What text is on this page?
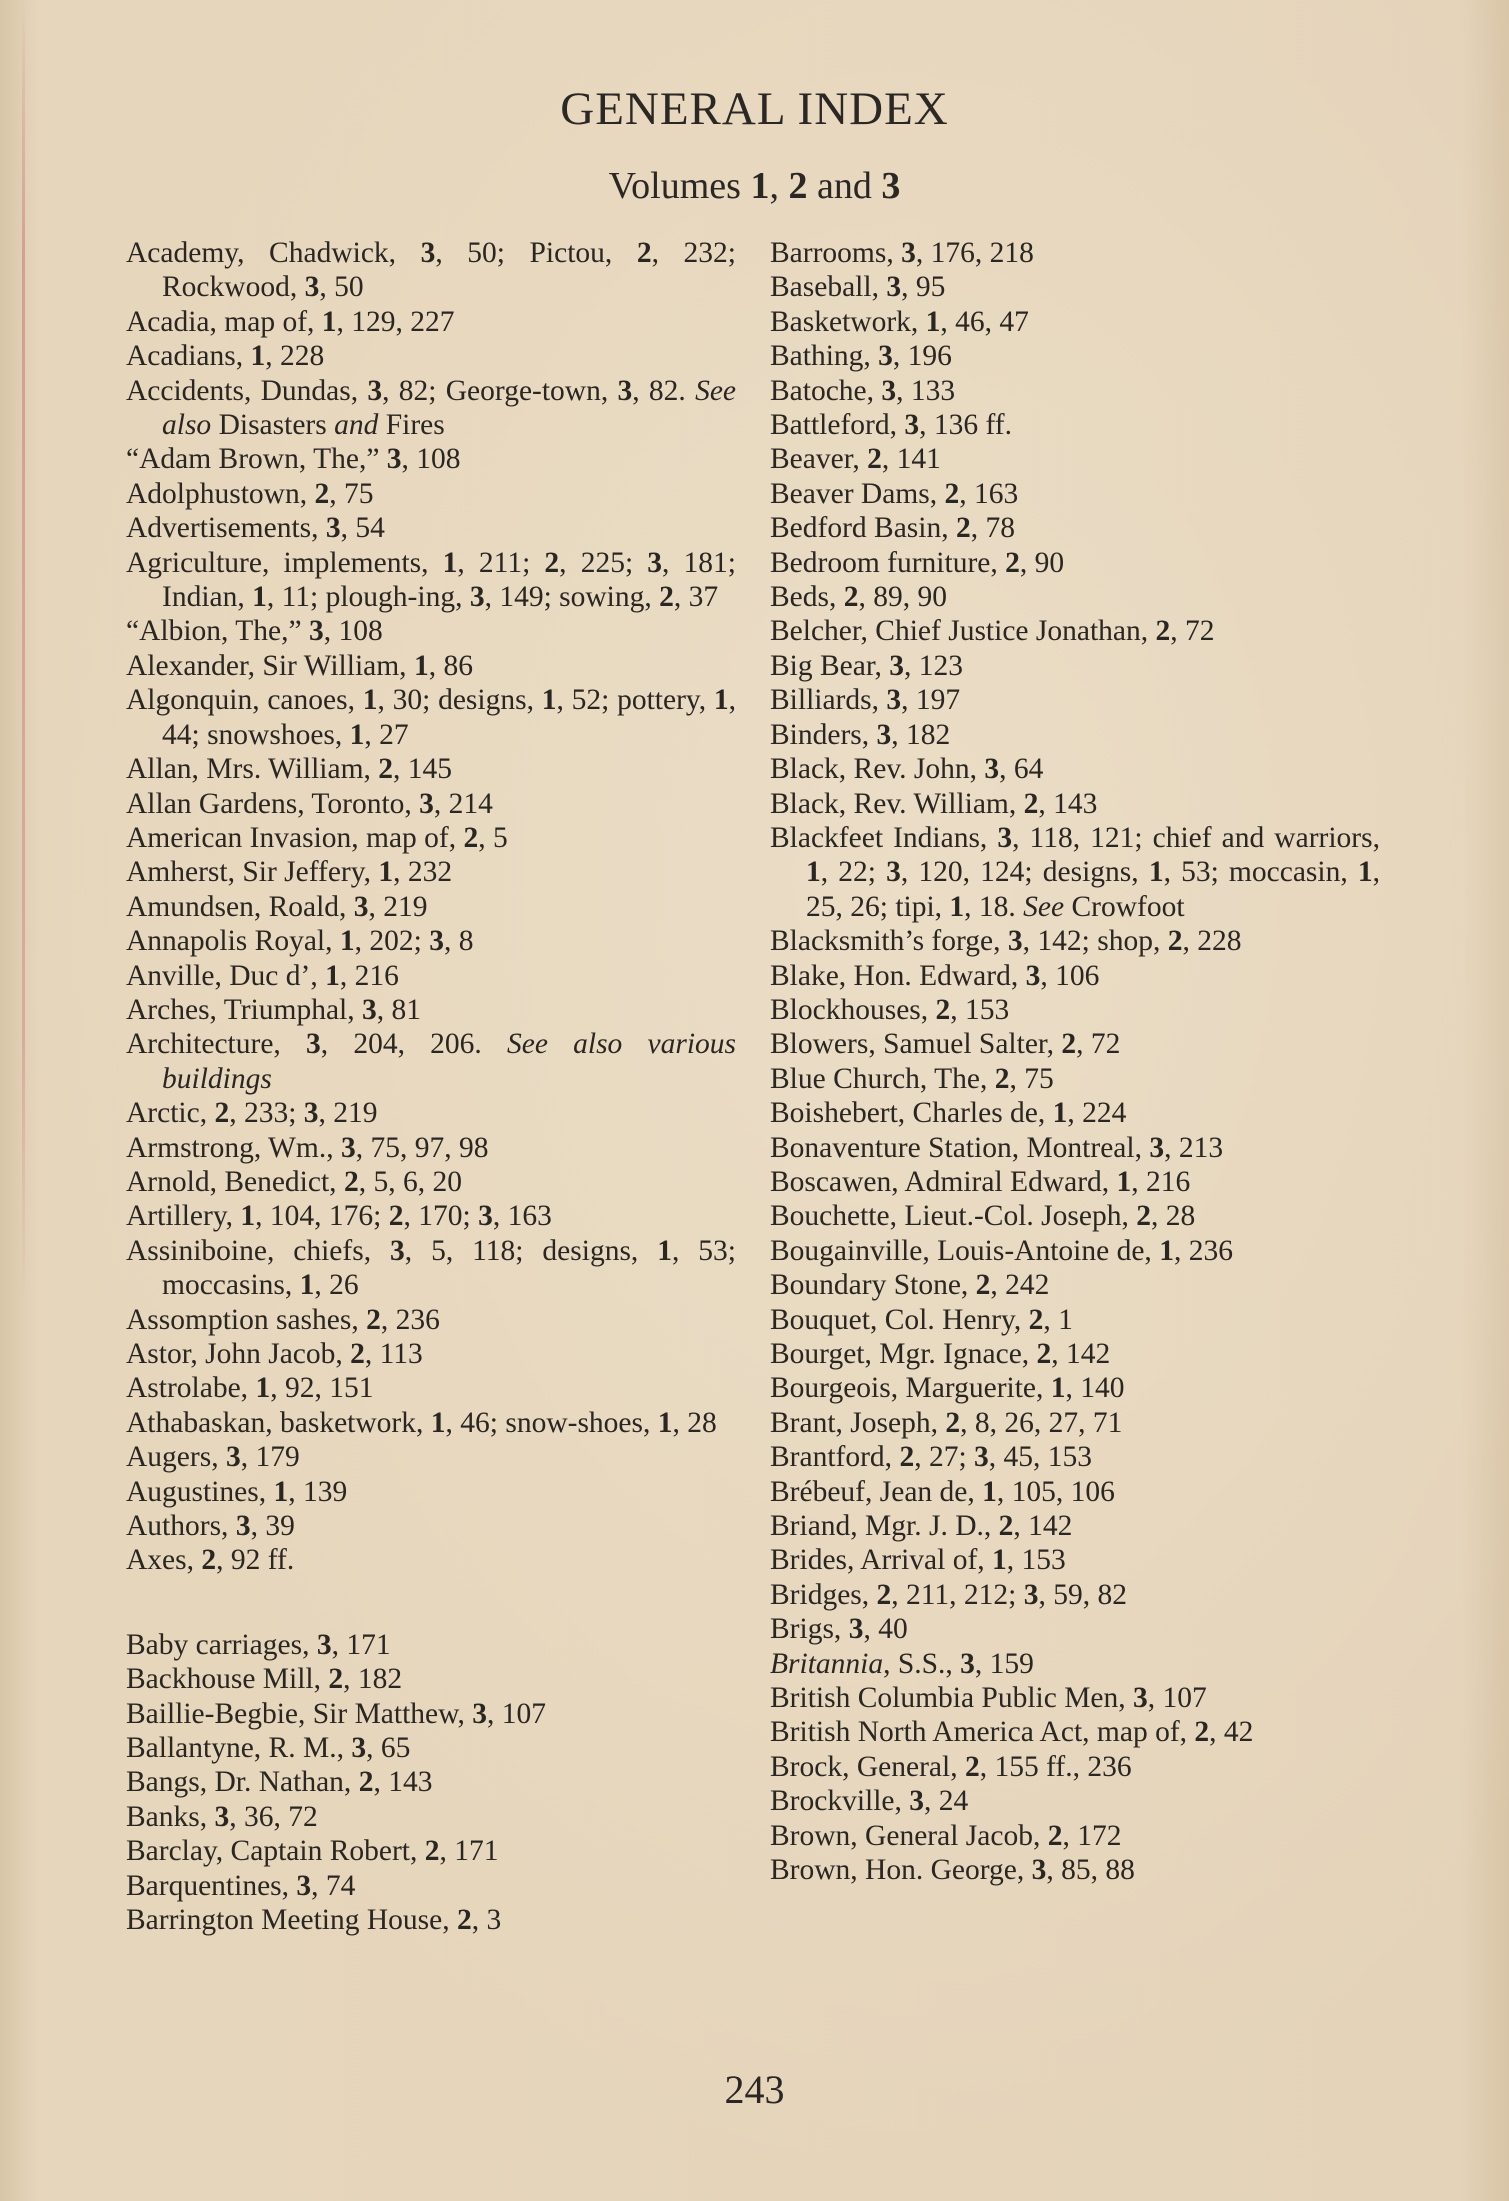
GENERAL INDEX
Volumes 1, 2 and 3
Academy, Chadwick, 3, 50; Pictou, 2, 232; Rockwood, 3, 50
Acadia, map of, 1, 129, 227
Acadians, 1, 228
Accidents, Dundas, 3, 82; George-town, 3, 82. See also Disasters and Fires
“Adam Brown, The,” 3, 108
Adolphustown, 2, 75
Advertisements, 3, 54
Agriculture, implements, 1, 211; 2, 225; 3, 181; Indian, 1, 11; plough-ing, 3, 149; sowing, 2, 37
“Albion, The,” 3, 108
Alexander, Sir William, 1, 86
Algonquin, canoes, 1, 30; designs, 1, 52; pottery, 1, 44; snowshoes, 1, 27
Allan, Mrs. William, 2, 145
Allan Gardens, Toronto, 3, 214
American Invasion, map of, 2, 5
Amherst, Sir Jeffery, 1, 232
Amundsen, Roald, 3, 219
Annapolis Royal, 1, 202; 3, 8
Anville, Duc d’, 1, 216
Arches, Triumphal, 3, 81
Architecture, 3, 204, 206. See also various buildings
Arctic, 2, 233; 3, 219
Armstrong, Wm., 3, 75, 97, 98
Arnold, Benedict, 2, 5, 6, 20
Artillery, 1, 104, 176; 2, 170; 3, 163
Assiniboine, chiefs, 3, 5, 118; designs, 1, 53; moccasins, 1, 26
Assomption sashes, 2, 236
Astor, John Jacob, 2, 113
Astrolabe, 1, 92, 151
Athabaskan, basketwork, 1, 46; snow-shoes, 1, 28
Augers, 3, 179
Augustines, 1, 139
Authors, 3, 39
Axes, 2, 92 ff.
Baby carriages, 3, 171
Backhouse Mill, 2, 182
Baillie-Begbie, Sir Matthew, 3, 107
Ballantyne, R. M., 3, 65
Bangs, Dr. Nathan, 2, 143
Banks, 3, 36, 72
Barclay, Captain Robert, 2, 171
Barquentines, 3, 74
Barrington Meeting House, 2, 3
Barrooms, 3, 176, 218
Baseball, 3, 95
Basketwork, 1, 46, 47
Bathing, 3, 196
Batoche, 3, 133
Battleford, 3, 136 ff.
Beaver, 2, 141
Beaver Dams, 2, 163
Bedford Basin, 2, 78
Bedroom furniture, 2, 90
Beds, 2, 89, 90
Belcher, Chief Justice Jonathan, 2, 72
Big Bear, 3, 123
Billiards, 3, 197
Binders, 3, 182
Black, Rev. John, 3, 64
Black, Rev. William, 2, 143
Blackfeet Indians, 3, 118, 121; chief and warriors, 1, 22; 3, 120, 124; designs, 1, 53; moccasin, 1, 25, 26; tipi, 1, 18. See Crowfoot
Blacksmith’s forge, 3, 142; shop, 2, 228
Blake, Hon. Edward, 3, 106
Blockhouses, 2, 153
Blowers, Samuel Salter, 2, 72
Blue Church, The, 2, 75
Boishebert, Charles de, 1, 224
Bonaventure Station, Montreal, 3, 213
Boscawen, Admiral Edward, 1, 216
Bouchette, Lieut.-Col. Joseph, 2, 28
Bougainville, Louis-Antoine de, 1, 236
Boundary Stone, 2, 242
Bouquet, Col. Henry, 2, 1
Bourget, Mgr. Ignace, 2, 142
Bourgeois, Marguerite, 1, 140
Brant, Joseph, 2, 8, 26, 27, 71
Brantford, 2, 27; 3, 45, 153
Brébeuf, Jean de, 1, 105, 106
Briand, Mgr. J. D., 2, 142
Brides, Arrival of, 1, 153
Bridges, 2, 211, 212; 3, 59, 82
Brigs, 3, 40
Britannia, S.S., 3, 159
British Columbia Public Men, 3, 107
British North America Act, map of, 2, 42
Brock, General, 2, 155 ff., 236
Brockville, 3, 24
Brown, General Jacob, 2, 172
Brown, Hon. George, 3, 85, 88
243
